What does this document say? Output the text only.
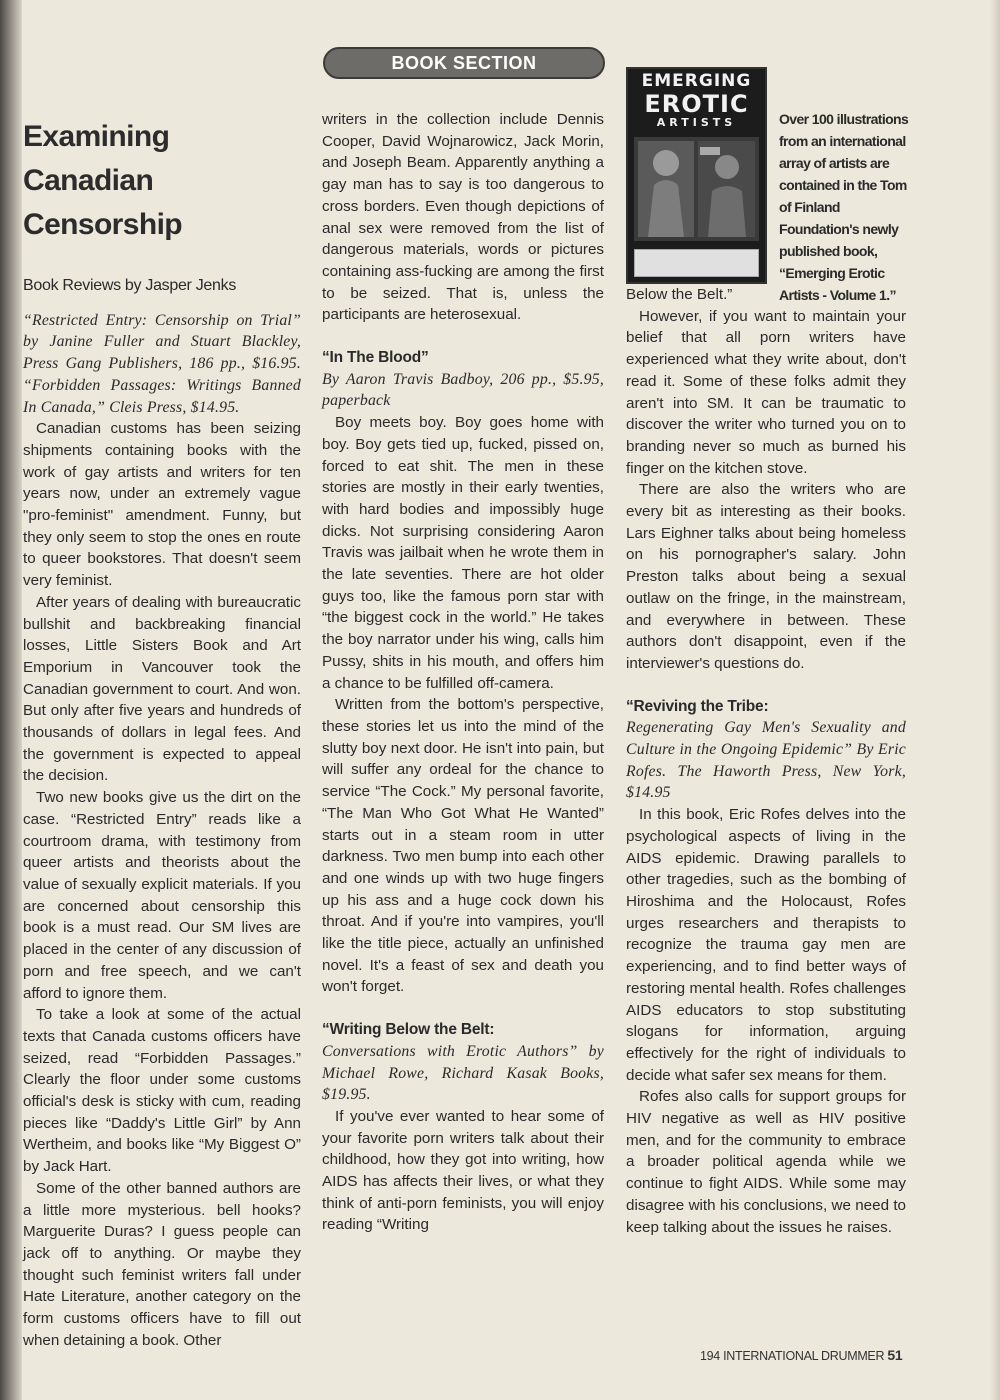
BOOK SECTION
Examining Canadian Censorship
Book Reviews by Jasper Jenks

“Restricted Entry: Censorship on Trial” by Janine Fuller and Stuart Blackley, Press Gang Publishers, 186 pp., $16.95. “Forbidden Passages: Writings Banned In Canada,” Cleis Press, $14.95.

Canadian customs has been seizing shipments containing books with the work of gay artists and writers for ten years now, under an extremely vague "pro-feminist" amendment. Funny, but they only seem to stop the ones en route to queer bookstores. That doesn't seem very feminist.

After years of dealing with bureaucratic bullshit and backbreaking financial losses, Little Sisters Book and Art Emporium in Vancouver took the Canadian government to court. And won. But only after five years and hundreds of thousands of dollars in legal fees. And the government is expected to appeal the decision.

Two new books give us the dirt on the case. “Restricted Entry” reads like a courtroom drama, with testimony from queer artists and theorists about the value of sexually explicit materials. If you are concerned about censorship this book is a must read. Our SM lives are placed in the center of any discussion of porn and free speech, and we can't afford to ignore them.

To take a look at some of the actual texts that Canada customs officers have seized, read “Forbidden Passages.” Clearly the floor under some customs official's desk is sticky with cum, reading pieces like “Daddy's Little Girl” by Ann Wertheim, and books like “My Biggest O” by Jack Hart.

Some of the other banned authors are a little more mysterious. bell hooks? Marguerite Duras? I guess people can jack off to anything. Or maybe they thought such feminist writers fall under Hate Literature, another category on the form customs officers have to fill out when detaining a book. Other

writers in the collection include Dennis Cooper, David Wojnarowicz, Jack Morin, and Joseph Beam. Apparently anything a gay man has to say is too dangerous to cross borders. Even though depictions of anal sex were removed from the list of dangerous materials, words or pictures containing ass-fucking are among the first to be seized. That is, unless the participants are heterosexual.

“In The Blood”

By Aaron Travis Badboy, 206 pp., $5.95, paperback

Boy meets boy. Boy goes home with boy. Boy gets tied up, fucked, pissed on, forced to eat shit. The men in these stories are mostly in their early twenties, with hard bodies and impossibly huge dicks. Not surprising considering Aaron Travis was jailbait when he wrote them in the late seventies. There are hot older guys too, like the famous porn star with “the biggest cock in the world.” He takes the boy narrator under his wing, calls him Pussy, shits in his mouth, and offers him a chance to be fulfilled off-camera.

Written from the bottom's perspective, these stories let us into the mind of the slutty boy next door. He isn't into pain, but will suffer any ordeal for the chance to service “The Cock.” My personal favorite, “The Man Who Got What He Wanted” starts out in a steam room in utter darkness. Two men bump into each other and one winds up with two huge fingers up his ass and a huge cock down his throat. And if you're into vampires, you'll like the title piece, actually an unfinished novel. It's a feast of sex and death you won't forget.

“Writing Below the Belt:

Conversations with Erotic Authors” by Michael Rowe, Richard Kasak Books, $19.95.

If you've ever wanted to hear some of your favorite porn writers talk about their childhood, how they got into writing, how AIDS has affects their lives, or what they think of anti-porn feminists, you will enjoy reading “Writing

EMERGING
EROTIC
ARTISTS	Over 100 illustrations from an international array of artists are contained in the Tom of Finland Foundation's newly published book, “Emerging Erotic Artists - Volume 1.”

Below the Belt.”

However, if you want to maintain your belief that all porn writers have experienced what they write about, don't read it. Some of these folks admit they aren't into SM. It can be traumatic to discover the writer who turned you on to branding never so much as burned his finger on the kitchen stove.

There are also the writers who are every bit as interesting as their books. Lars Eighner talks about being homeless on his pornographer's salary. John Preston talks about being a sexual outlaw on the fringe, in the mainstream, and everywhere in between. These authors don't disappoint, even if the interviewer's questions do.

“Reviving the Tribe:

Regenerating Gay Men's Sexuality and Culture in the Ongoing Epidemic” By Eric Rofes. The Haworth Press, New York, $14.95

In this book, Eric Rofes delves into the psychological aspects of living in the AIDS epidemic. Drawing parallels to other tragedies, such as the bombing of Hiroshima and the Holocaust, Rofes urges researchers and therapists to recognize the trauma gay men are experiencing, and to find better ways of restoring mental health. Rofes challenges AIDS educators to stop substituting slogans for information, arguing effectively for the right of individuals to decide what safer sex means for them.

Rofes also calls for support groups for HIV negative as well as HIV positive men, and for the community to embrace a broader political agenda while we continue to fight AIDS. While some may disagree with his conclusions, we need to keep talking about the issues he raises.

194 INTERNATIONAL DRUMMER 51
